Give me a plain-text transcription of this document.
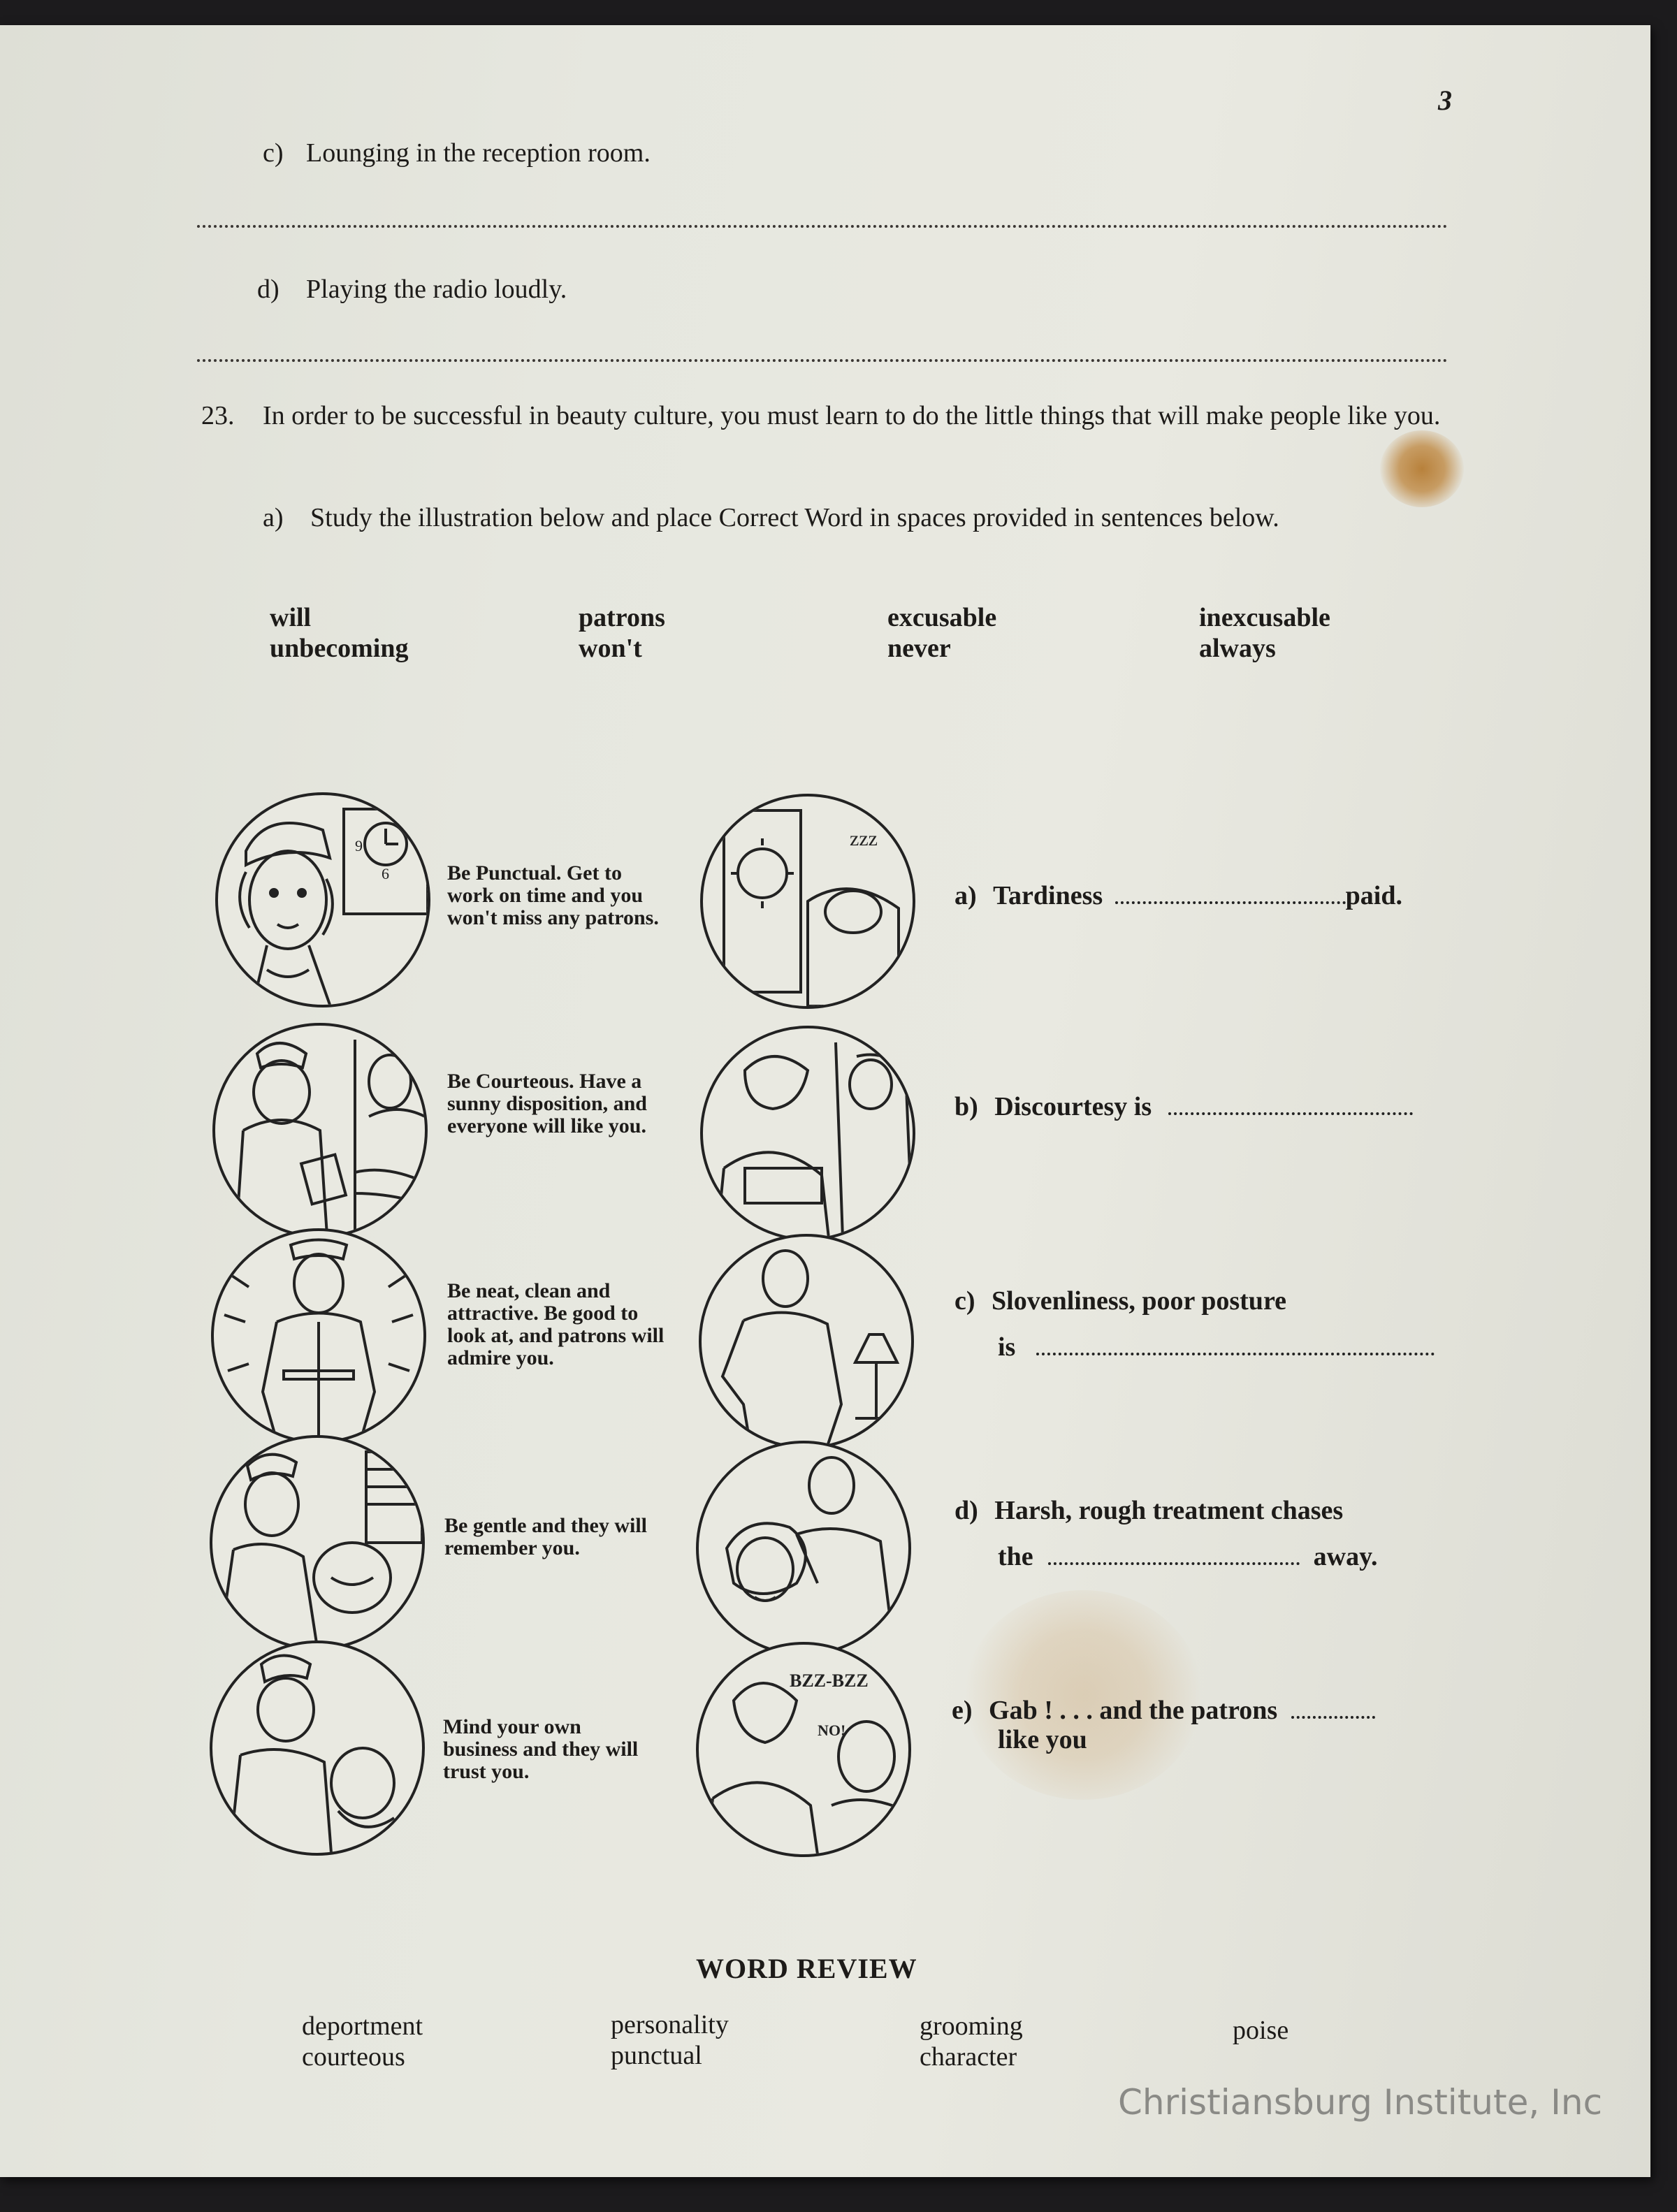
3
c) Lounging in the reception room.
d) Playing the radio loudly.
23. In order to be successful in beauty culture, you must learn to do the little things that will make people like you.
a) Study the illustration below and place Correct Word in spaces provided in sentences below.
will
unbecoming
patrons
won't
excusable
never
inexcusable
always
9
6	Be Punctual. Get to work on time and you won't miss any patrons.
Be Courteous. Have a sunny disposition, and everyone will like you.
Be neat, clean and attractive. Be good to look at, and patrons will admire you.
Be gentle and they will remember you.
Mind your own business and they will trust you.
zzz
BZZ-BZZ
NO!
a) Tardiness	paid.
b) Discourtesy is
c) Slovenliness, poor posture
is
d) Harsh, rough treatment chases
the	away.
e) Gab ! . . . and the patrons
like you
WORD REVIEW
deportment
courteous
personality
punctual
grooming
character
poise
Christiansburg Institute, Inc
